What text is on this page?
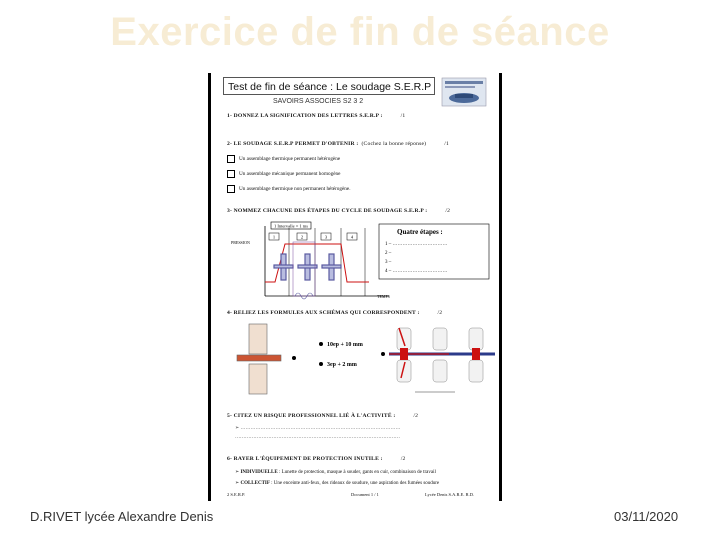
Exercice de fin de séance
Test de fin de séance : Le soudage S.E.R.P
SAVOIRS ASSOCIES S2 3 2
1- DONNEZ LA SIGNIFICATION DES LETTRES S.E.R.P :	/1
2- LE SOUDAGE S.E.R.P PERMET D'OBTENIR : (Cochez la bonne réponse)	/1
Un assemblage thermique permanent hétérogène
Un assemblage mécanique permanent homogène
Un assemblage thermique non permanent hétérogène.
3- NOMMEZ CHACUNE DES ÉTAPES DU CYCLE DE SOUDAGE S.E.R.P :	/2
1 Intervalle = 1 ms
PRESSION
TEMPS
1	2	3	4
Quatre étapes :
1 – ……………………………
2 –
3 –
4 – ……………………………
4- RELIEZ LES FORMULES AUX SCHÉMAS QUI CORRESPONDENT :	/2
10ep + 10 mm
3ep + 2 mm
5- CITEZ UN RISQUE PROFESSIONNEL LIÉ À L'ACTIVITÉ :	/2
➢ ……………………………………………………………………………………
………………………………………………………………………………………
6- RAYER L'ÉQUIPEMENT DE PROTECTION INUTILE :	/2
➢ INDIVIDUELLE : Lunette de protection, masque à souder, gants en cuir, combinaison de travail
➢ COLLECTIF : Une enceinte anti-feux, des rideaux de soudure, une aspiration des fumées soudure
2 S.E.R.P.	Document 1 / 1	Lycée Denis S.A.R.E. R.D.
D.RIVET lycée Alexandre Denis	03/11/2020
